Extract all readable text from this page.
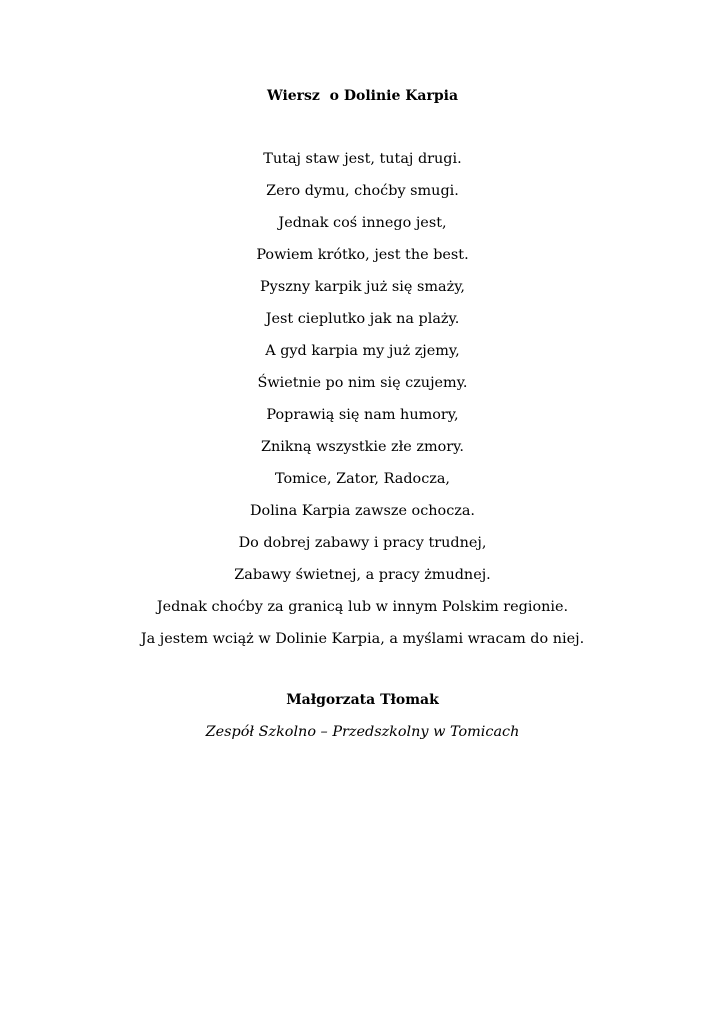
Wiersz  o Dolinie Karpia
Tutaj staw jest, tutaj drugi.
Zero dymu, choćby smugi.
Jednak coś innego jest,
Powiem krótko, jest the best.
Pyszny karpik już się smaży,
Jest cieplutko jak na plaży.
A gyd karpia my już zjemy,
Świetnie po nim się czujemy.
Poprawią się nam humory,
Znikną wszystkie złe zmory.
Tomice, Zator, Radocza,
Dolina Karpia zawsze ochocza.
Do dobrej zabawy i pracy trudnej,
Zabawy świetnej, a pracy żmudnej.
Jednak choćby za granicą lub w innym Polskim regionie.
Ja jestem wciąż w Dolinie Karpia, a myślami wracam do niej.
Małgorzata Tłomak
Zespół Szkolno – Przedszkolny w Tomicach
